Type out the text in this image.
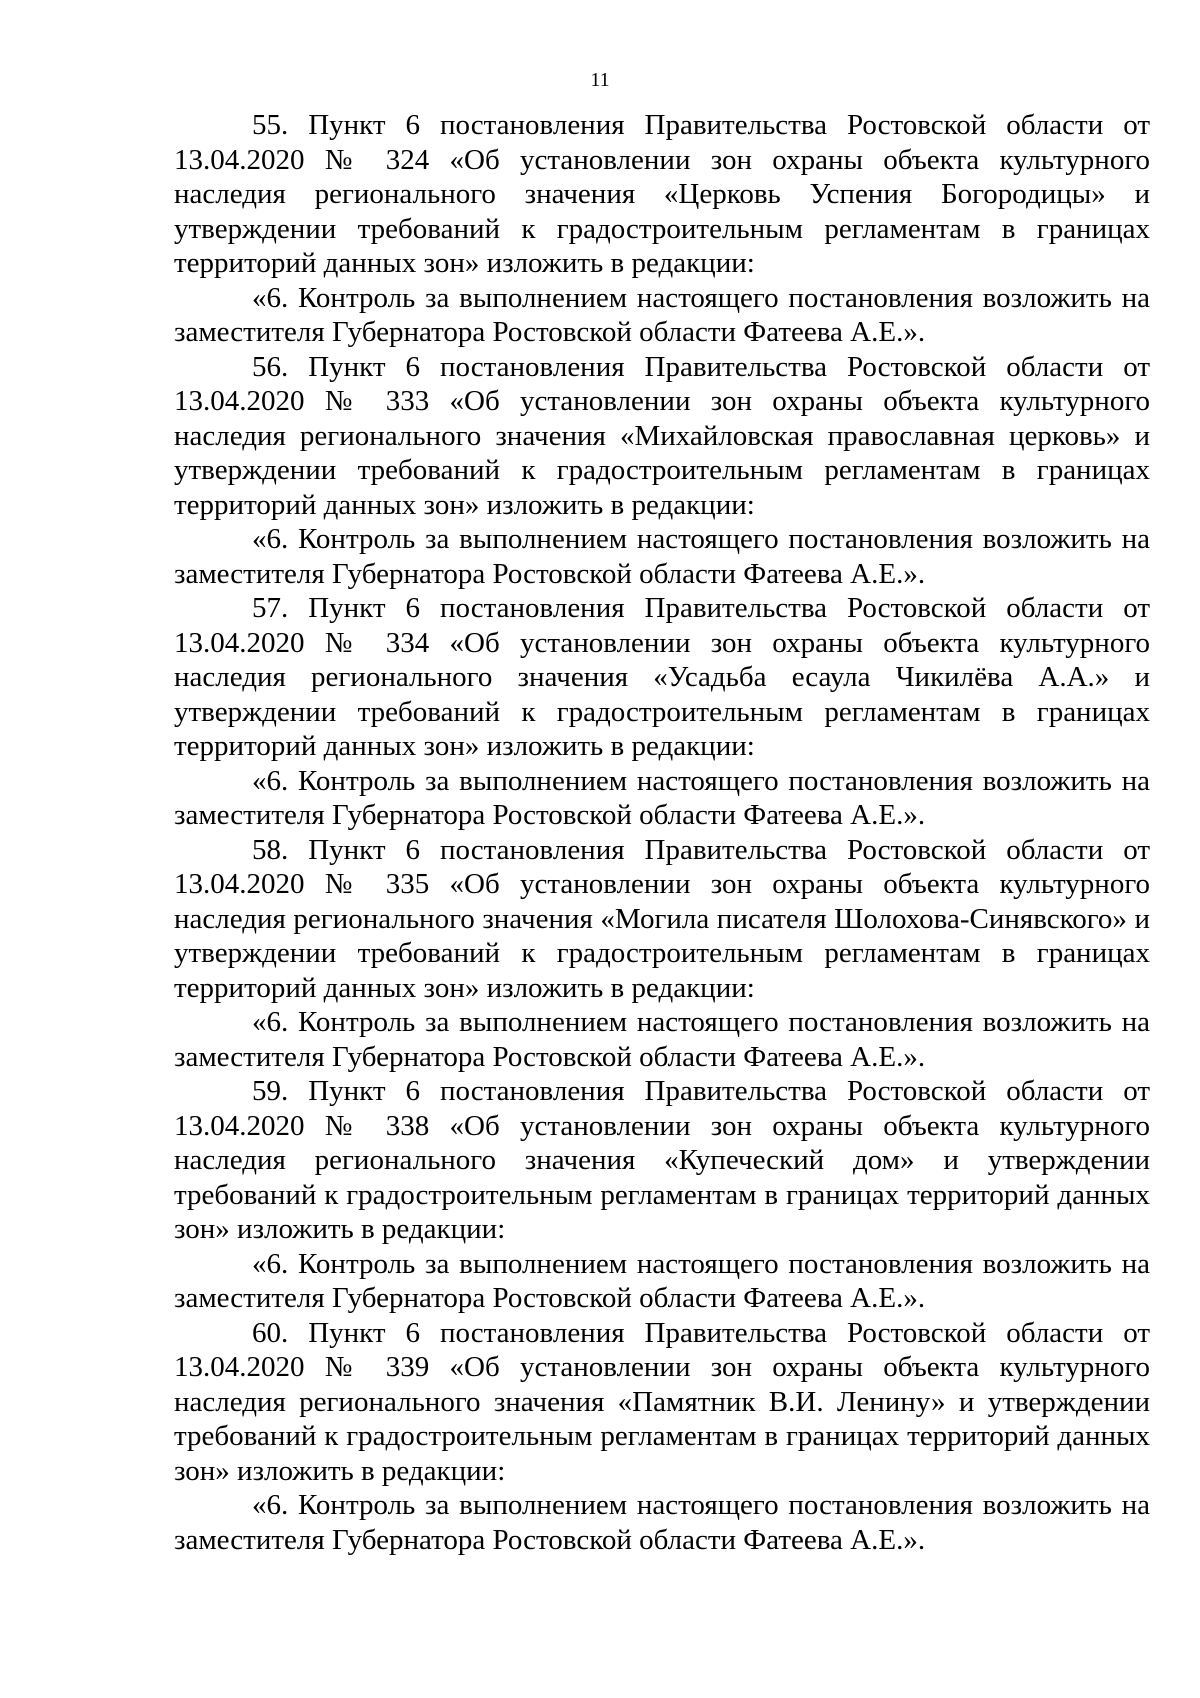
11

55. Пункт 6 постановления Правительства Ростовской области от 13.04.2020 № 324 «Об установлении зон охраны объекта культурного наследия регионального значения «Церковь Успения Богородицы» и утверждении требований к градостроительным регламентам в границах территорий данных зон» изложить в редакции:

«6. Контроль за выполнением настоящего постановления возложить на заместителя Губернатора Ростовской области Фатеева А.Е.».

56. Пункт 6 постановления Правительства Ростовской области от 13.04.2020 № 333 «Об установлении зон охраны объекта культурного наследия регионального значения «Михайловская православная церковь» и утверждении требований к градостроительным регламентам в границах территорий данных зон» изложить в редакции:

«6. Контроль за выполнением настоящего постановления возложить на заместителя Губернатора Ростовской области Фатеева А.Е.».

57. Пункт 6 постановления Правительства Ростовской области от 13.04.2020 № 334 «Об установлении зон охраны объекта культурного наследия регионального значения «Усадьба есаула Чикилёва А.А.» и утверждении требований к градостроительным регламентам в границах территорий данных зон» изложить в редакции:

«6. Контроль за выполнением настоящего постановления возложить на заместителя Губернатора Ростовской области Фатеева А.Е.».

58. Пункт 6 постановления Правительства Ростовской области от 13.04.2020 № 335 «Об установлении зон охраны объекта культурного наследия регионального значения «Могила писателя Шолохова-Синявского» и утверждении требований к градостроительным регламентам в границах территорий данных зон» изложить в редакции:

«6. Контроль за выполнением настоящего постановления возложить на заместителя Губернатора Ростовской области Фатеева А.Е.».

59. Пункт 6 постановления Правительства Ростовской области от 13.04.2020 № 338 «Об установлении зон охраны объекта культурного наследия регионального значения «Купеческий дом» и утверждении требований к градостроительным регламентам в границах территорий данных зон» изложить в редакции:

«6. Контроль за выполнением настоящего постановления возложить на заместителя Губернатора Ростовской области Фатеева А.Е.».

60. Пункт 6 постановления Правительства Ростовской области от 13.04.2020 № 339 «Об установлении зон охраны объекта культурного наследия регионального значения «Памятник В.И. Ленину» и утверждении требований к градостроительным регламентам в границах территорий данных зон» изложить в редакции:

«6. Контроль за выполнением настоящего постановления возложить на заместителя Губернатора Ростовской области Фатеева А.Е.».
